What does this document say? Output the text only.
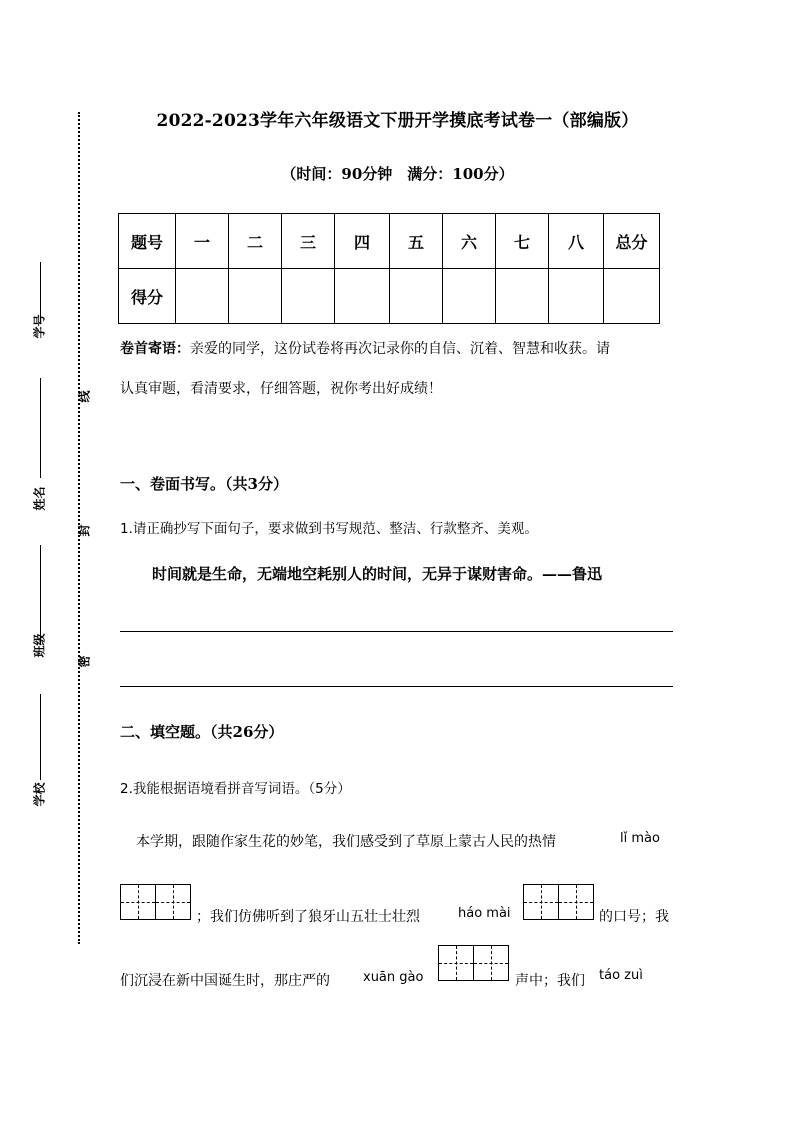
学号
姓名
班级
学校
线
封
密
2022-2023学年六年级语文下册开学摸底考试卷一（部编版）
（时间：90分钟　满分：100分）
题号	一	二	三	四	五	六	七	八	总分
得分									
卷首寄语：亲爱的同学，这份试卷将再次记录你的自信、沉着、智慧和收获。请
认真审题，看清要求，仔细答题，祝你考出好成绩！
一、卷面书写。（共3分）
1.请正确抄写下面句子，要求做到书写规范、整洁、行款整齐、美观。
时间就是生命，无端地空耗别人的时间，无异于谋财害命。——鲁迅
二、填空题。（共26分）
2.我能根据语境看拼音写词语。（5分）
本学期，跟随作家生花的妙笔，我们感受到了草原上蒙古人民的热情	lǐ mào
；我们仿佛听到了狼牙山五壮士壮烈	háo mài	的口号；我
们沉浸在新中国诞生时，那庄严的	xuān gào	声中；我们 táo zuì
